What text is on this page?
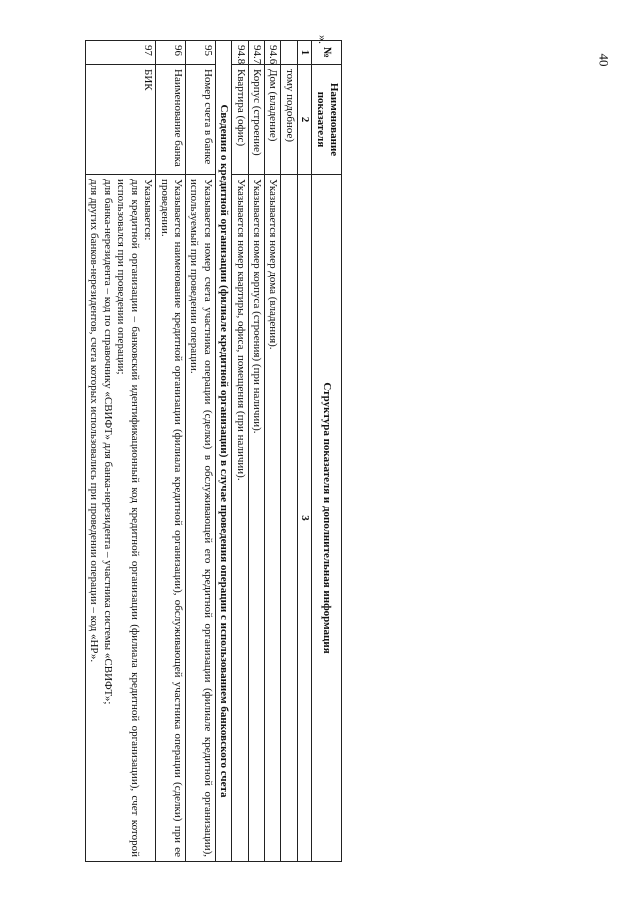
40
».
№	Наименование показателя	Структура показателя и дополнительная информация
1	2	3
	тому подобное)	
94.6	Дом (владение)	Указывается номер дома (владения).
94.7	Корпус (строение)	Указывается номер корпуса (строения) (при наличии).
94.8	Квартира (офис)	Указывается номер квартиры, офиса, помещения (при наличии).
Сведения о кредитной организации (филиале кредитной организации) в случае проведения операции с использованием банковского счета		
95	Номер счета в банке	Указывается номер счета участника операции (сделки) в обслуживающей его кредитной организации (филиале кредитной организации), используемый при проведении операции.
96	Наименование банка	Указывается наименование кредитной организации (филиала кредитной организации), обслуживающей участника операции (сделки) при ее проведении.
97	БИК	Указывается:
для кредитной организации – банковский идентификационный код кредитной организации (филиала кредитной организации), счет которой использовался при проведении операции;
для банка-нерезидента – код по справочнику «СВИФТ» для банка-нерезидента – участника системы «СВИФТ»;
для других банков-нерезидентов, счета которых использовались при проведении операции – код «НР».
